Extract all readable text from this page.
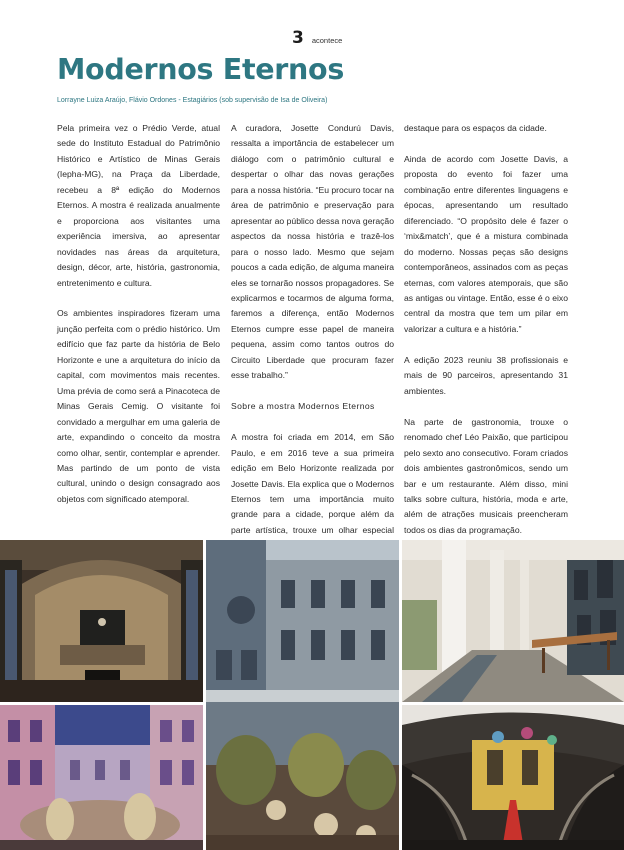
3 acontece
Modernos Eternos
Lorrayne Luiza Araújo, Flávio Ordones - Estagiários (sob supervisão de Isa de Oliveira)

Pela primeira vez o Prédio Verde, atual sede do Instituto Estadual do Patrimônio Histórico e Artístico de Minas Gerais (Iepha-MG), na Praça da Liberdade, recebeu a 8ª edição do Modernos Eternos. A mostra é realizada anualmente e proporciona aos visitantes uma experiência imersiva, ao apresentar novidades nas áreas da arquitetura, design, décor, arte, história, gastronomia, entretenimento e cultura.

Os ambientes inspiradores fizeram uma junção perfeita com o prédio histórico. Um edifício que faz parte da história de Belo Horizonte e une a arquitetura do início da capital, com movimentos mais recentes. Uma prévia de como será a Pinacoteca de Minas Gerais Cemig. O visitante foi convidado a mergulhar em uma galeria de arte, expandindo o conceito da mostra como olhar, sentir, contemplar e aprender. Mas partindo de um ponto de vista cultural, unindo o design consagrado aos objetos com significado atemporal.

A curadora, Josette Condurú Davis, ressalta a importância de estabelecer um diálogo com o patrimônio cultural e despertar o olhar das novas gerações para a nossa história. “Eu procuro tocar na área de patrimônio e preservação para apresentar ao público dessa nova geração aspectos da nossa história e trazê-los para o nosso lado. Mesmo que sejam poucos a cada edição, de alguma maneira eles se tornarão nossos propagadores. Se explicarmos e tocarmos de alguma forma, faremos a diferença, então Modernos Eternos cumpre esse papel de maneira pequena, assim como tantos outros do Circuito Liberdade que procuram fazer esse trabalho.”

Sobre a mostra Modernos Eternos

A mostra foi criada em 2014, em São Paulo, e em 2016 teve a sua primeira edição em Belo Horizonte realizada por Josette Davis. Ela explica que o Modernos Eternos tem uma importância muito grande para a cidade, porque além da parte artística, trouxe um olhar especial

destaque para os espaços da cidade.

Ainda de acordo com Josette Davis, a proposta do evento foi fazer uma combinação entre diferentes linguagens e épocas, apresentando um resultado diferenciado. “O propósito dele é fazer o ‘mix&match’, que é a mistura combinada do moderno. Nossas peças são designs contemporâneos, assinados com as peças eternas, com valores atemporais, que são as antigas ou vintage. Então, esse é o eixo central da mostra que tem um pilar em valorizar a cultura e a história.”

A edição 2023 reuniu 38 profissionais e mais de 90 parceiros, apresentando 31 ambientes.

Na parte de gastronomia, trouxe o renomado chef Léo Paixão, que participou pelo sexto ano consecutivo. Foram criados dois ambientes gastronômicos, sendo um bar e um restaurante. Além disso, mini talks sobre cultura, história, moda e arte, além de atrações musicais preencheram todos os dias da programação.
